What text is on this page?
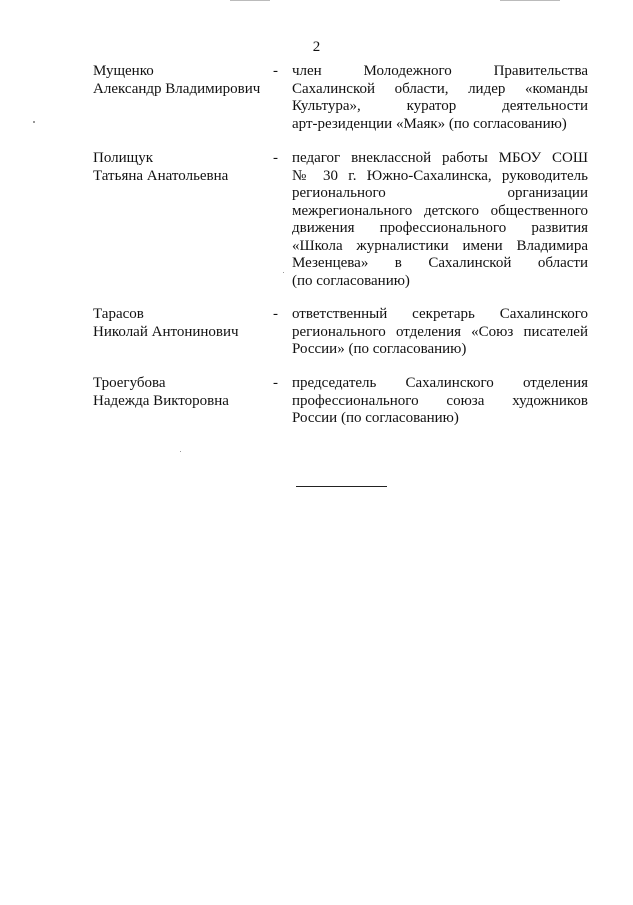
2
Мущенко
Александр Владимирович
- член Молодежного Правительства
Сахалинской области, лидер «команды
Культура», куратор деятельности
арт-резиденции «Маяк» (по согласованию)
Полищук
Татьяна Анатольевна
- педагог внеклассной работы МБОУ СОШ
№ 30 г. Южно-Сахалинска, руководитель
регионального организации
межрегионального детского общественного
движения профессионального развития
«Школа журналистики имени Владимира
Мезенцева» в Сахалинской области
(по согласованию)
Тарасов
Николай Антонинович
- ответственный секретарь Сахалинского
регионального отделения «Союз писателей
России» (по согласованию)
Троегубова
Надежда Викторовна
- председатель Сахалинского отделения
профессионального союза художников
России (по согласованию)
